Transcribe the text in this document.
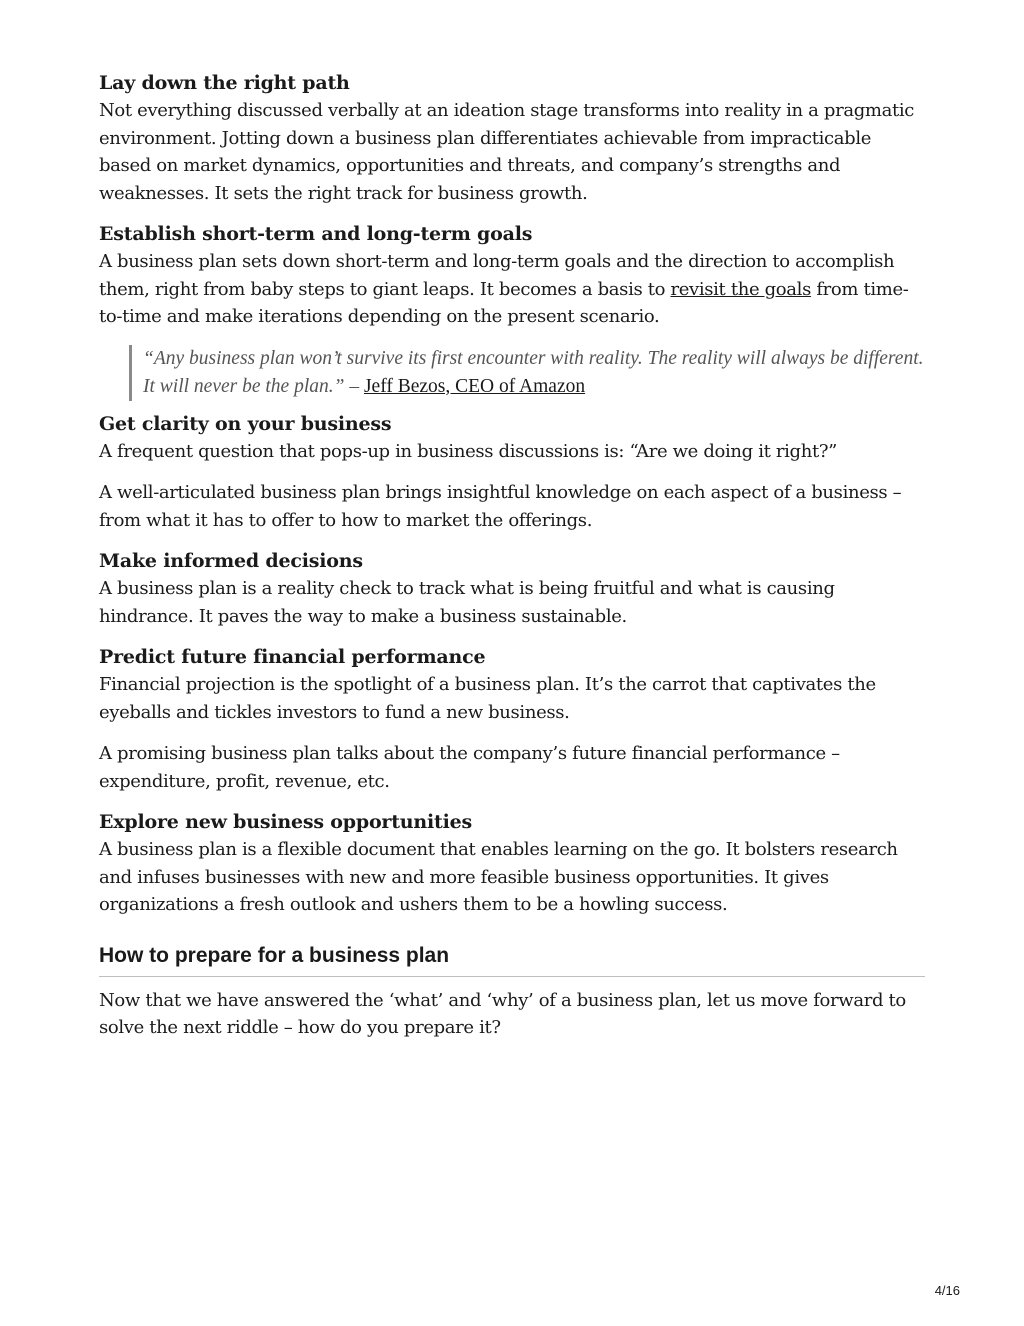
Lay down the right path

Not everything discussed verbally at an ideation stage transforms into reality in a pragmatic environment. Jotting down a business plan differentiates achievable from impracticable based on market dynamics, opportunities and threats, and company’s strengths and weaknesses. It sets the right track for business growth.

Establish short-term and long-term goals

A business plan sets down short-term and long-term goals and the direction to accomplish them, right from baby steps to giant leaps. It becomes a basis to revisit the goals from time-to-time and make iterations depending on the present scenario.

“Any business plan won’t survive its first encounter with reality. The reality will always be different. It will never be the plan.” – Jeff Bezos, CEO of Amazon
Get clarity on your business

A frequent question that pops-up in business discussions is: “Are we doing it right?”

A well-articulated business plan brings insightful knowledge on each aspect of a business – from what it has to offer to how to market the offerings.

Make informed decisions

A business plan is a reality check to track what is being fruitful and what is causing hindrance. It paves the way to make a business sustainable.

Predict future financial performance

Financial projection is the spotlight of a business plan. It’s the carrot that captivates the eyeballs and tickles investors to fund a new business.

A promising business plan talks about the company’s future financial performance – expenditure, profit, revenue, etc.

Explore new business opportunities

A business plan is a flexible document that enables learning on the go. It bolsters research and infuses businesses with new and more feasible business opportunities. It gives organizations a fresh outlook and ushers them to be a howling success.

How to prepare for a business plan

Now that we have answered the ‘what’ and ‘why’ of a business plan, let us move forward to solve the next riddle – how do you prepare it?

4/16
